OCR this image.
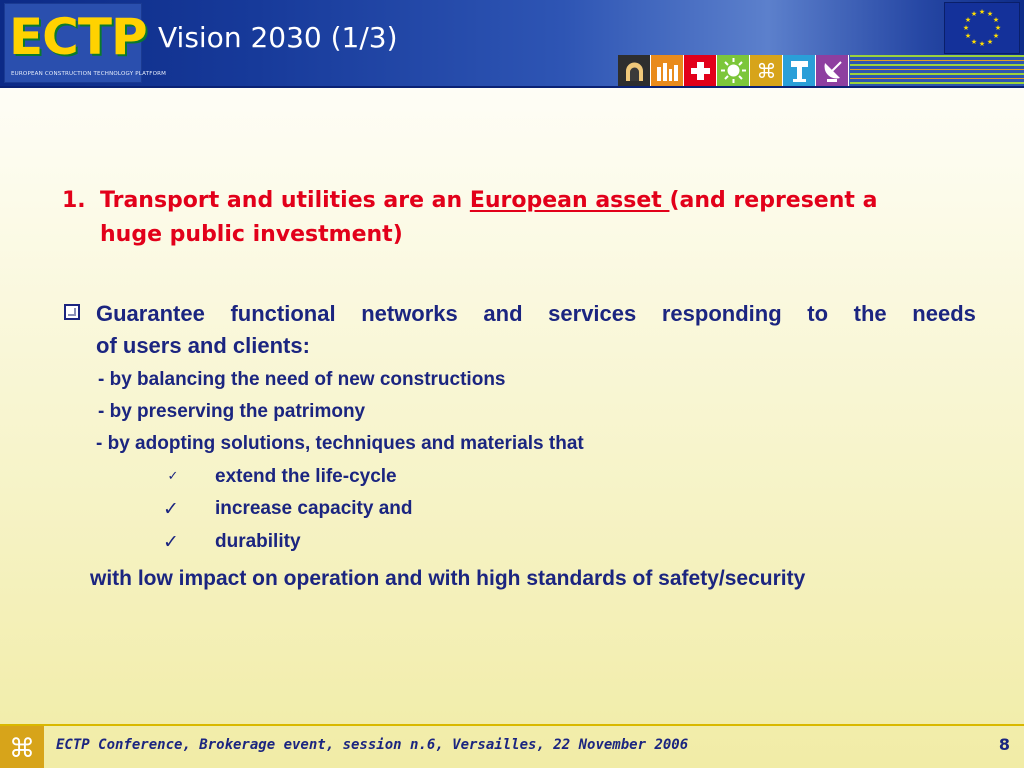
ECTP
EUROPEAN CONSTRUCTION TECHNOLOGY PLATFORM
Vision 2030 (1/3)
★ ★
★
★
★
★
★
★
★
★
★
★
⌘
1. Transport and utilities are an European asset (and represent a
huge public investment)
Guarantee functional networks and services responding to the needs
of users and clients:
- by balancing the need of new constructions
- by preserving the patrimony
- by adopting solutions, techniques and materials that
✓ extend the life-cycle
✓ increase capacity and
✓ durability
with low impact on operation and with high standards of safety/security
⌘ ECTP Conference, Brokerage event, session n.6, Versailles, 22 November 2006	8
